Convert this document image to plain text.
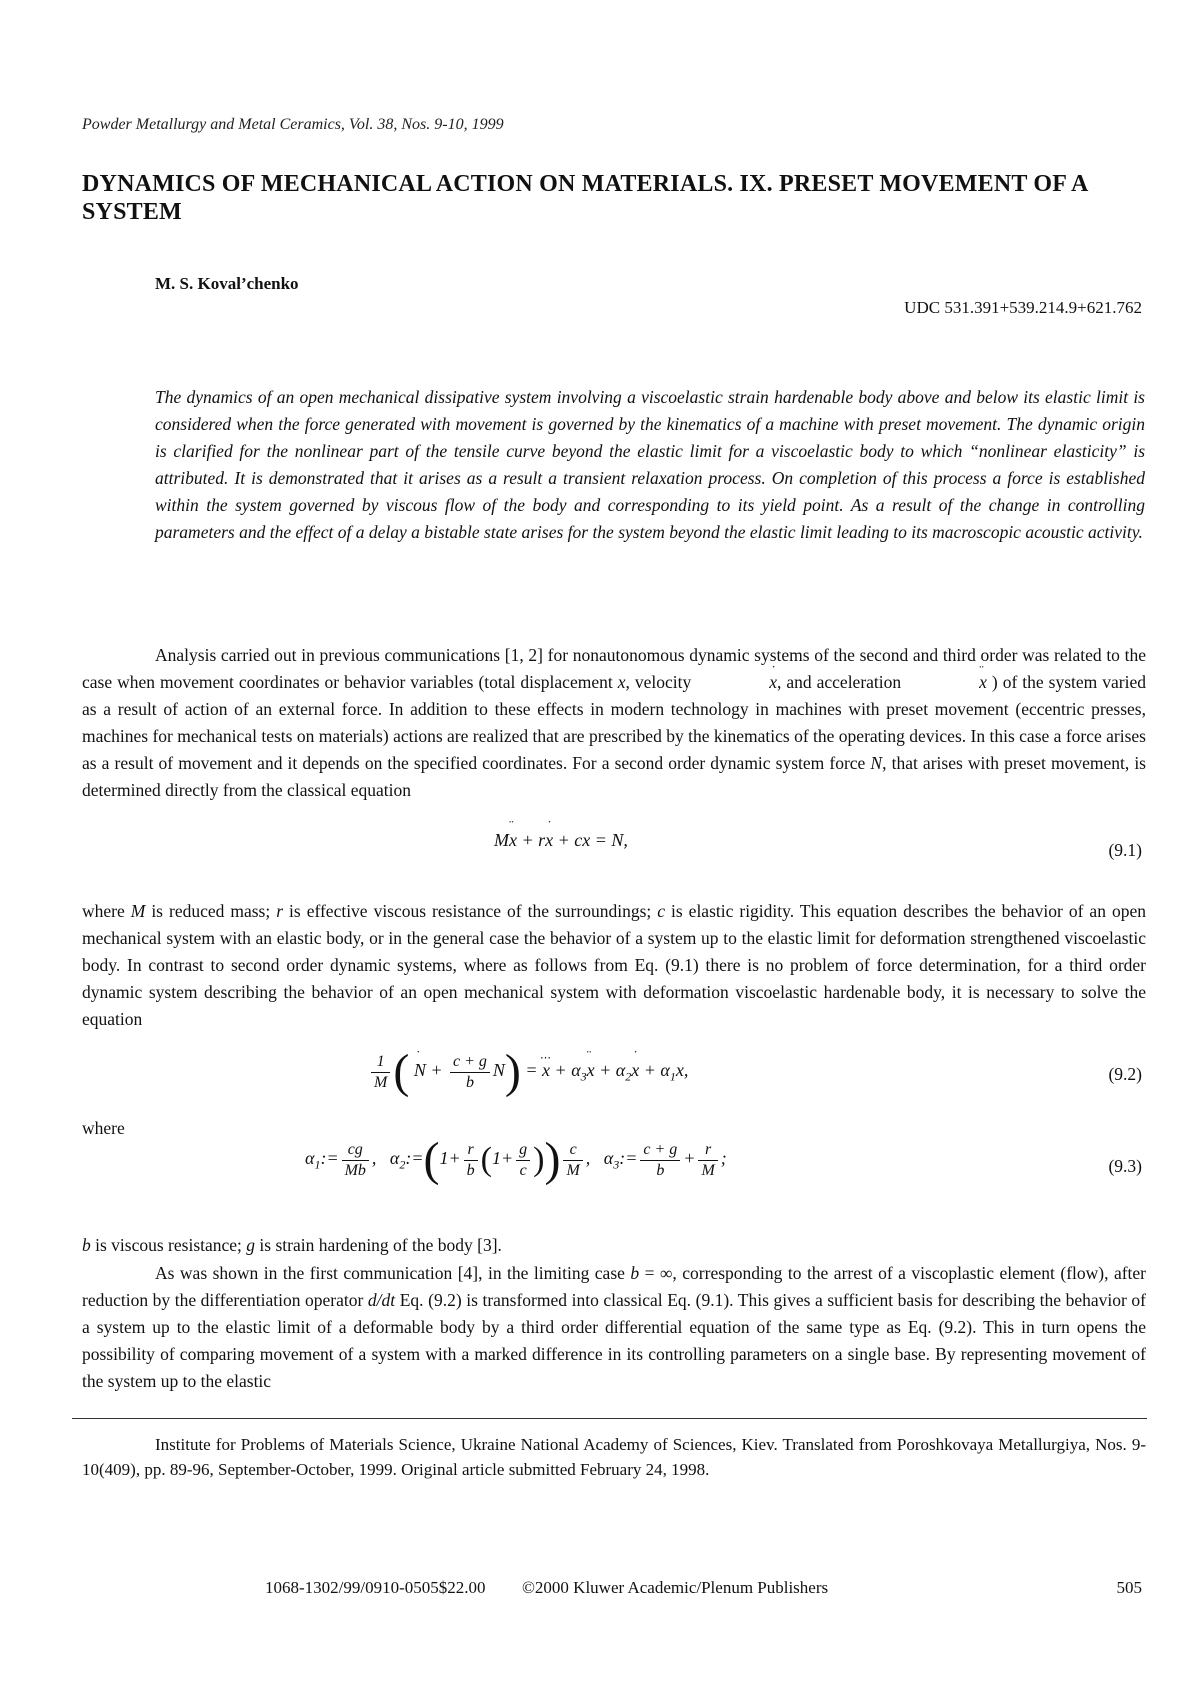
Powder Metallurgy and Metal Ceramics, Vol. 38, Nos. 9-10, 1999
DYNAMICS OF MECHANICAL ACTION ON MATERIALS. IX. PRESET MOVEMENT OF A SYSTEM
M. S. Koval’chenko
UDC 531.391+539.214.9+621.762
The dynamics of an open mechanical dissipative system involving a viscoelastic strain hardenable body above and below its elastic limit is considered when the force generated with movement is governed by the kinematics of a machine with preset movement. The dynamic origin is clarified for the nonlinear part of the tensile curve beyond the elastic limit for a viscoelastic body to which “nonlinear elasticity” is attributed. It is demonstrated that it arises as a result a transient relaxation process. On completion of this process a force is established within the system governed by viscous flow of the body and corresponding to its yield point. As a result of the change in controlling parameters and the effect of a delay a bistable state arises for the system beyond the elastic limit leading to its macroscopic acoustic activity.
Analysis carried out in previous communications [1, 2] for nonautonomous dynamic systems of the second and third order was related to the case when movement coordinates or behavior variables (total displacement x, velocity	˙ x, and acceleration	¨ x ) of the system varied as a result of action of an external force. In addition to these effects in modern technology in machines with preset movement (eccentric presses, machines for mechanical tests on materials) actions are realized that are prescribed by the kinematics of the operating devices. In this case a force arises as a result of movement and it depends on the specified coordinates. For a second order dynamic system force N, that arises with preset movement, is determined directly from the classical equation
M¨ x + r˙ x + cx = N,	(9.1)
where M is reduced mass; r is effective viscous resistance of the surroundings; c is elastic rigidity. This equation describes the behavior of an open mechanical system with an elastic body, or in the general case the behavior of a system up to the elastic limit for deformation strengthened viscoelastic body. In contrast to second order dynamic systems, where as follows from Eq. (9.1) there is no problem of force determination, for a third order dynamic system describing the behavior of an open mechanical system with deformation viscoelastic hardenable body, it is necessary to solve the equation
$\frac{1}{M}$ ( ˙ $N + \frac{c + g}{b} N$) = ⋯ $x + \alpha_3¨$ $x + \alpha_2˙$ $x + \alpha_1x$,	(9.2)
where
$\alpha_1:= \frac{cg}{Mb}$ ,   $\alpha_2:=(1+ \frac{r}{b} (1+ \frac{g}{c}$ )) $\frac{c}{M}$ ,   $\alpha_3:= \frac{c + g}{b} + \frac{r}{M}$ ;	(9.3)
b is viscous resistance; g is strain hardening of the body [3].
As was shown in the first communication [4], in the limiting case b = ∞, corresponding to the arrest of a viscoplastic element (flow), after reduction by the differentiation operator d/dt Eq. (9.2) is transformed into classical Eq. (9.1). This gives a sufficient basis for describing the behavior of a system up to the elastic limit of a deformable body by a third order differential equation of the same type as Eq. (9.2). This in turn opens the possibility of comparing movement of a system with a marked difference in its controlling parameters on a single base. By representing movement of the system up to the elastic
Institute for Problems of Materials Science, Ukraine National Academy of Sciences, Kiev. Translated from Poroshkovaya Metallurgiya, Nos. 9-10(409), pp. 89-96, September-October, 1999. Original article submitted February 24, 1998.
1068-1302/99/0910-0505$22.00 ©2000 Kluwer Academic/Plenum Publishers	505
